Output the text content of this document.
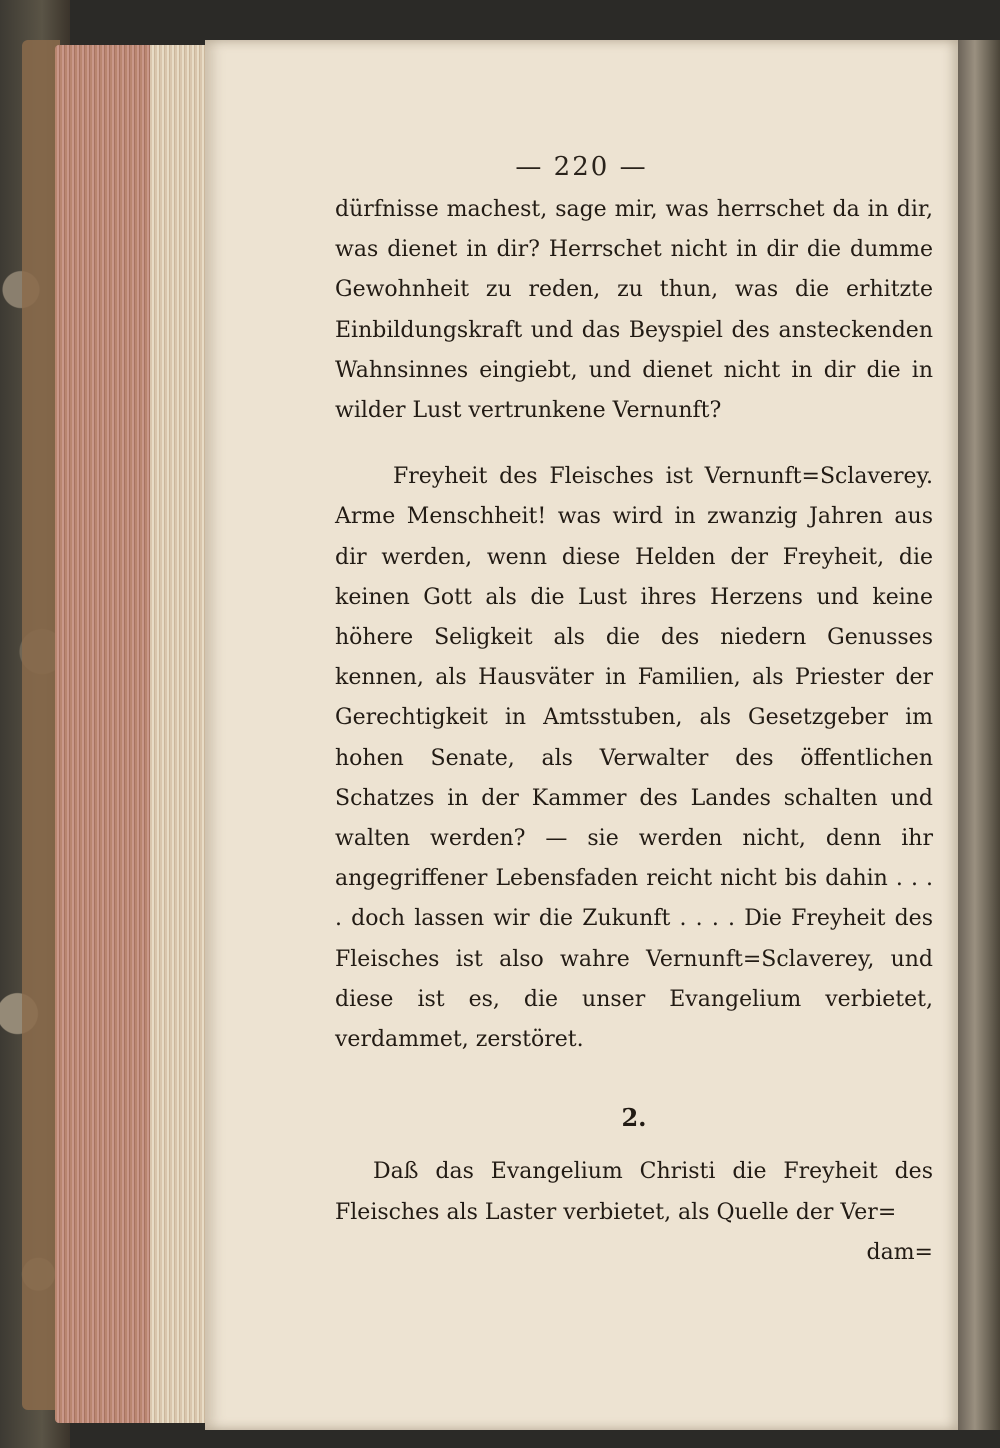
— 220 —

dürfnisse machest, sage mir, was herrschet da in dir, was dienet in dir? Herrschet nicht in dir die dumme Gewohnheit zu reden, zu thun, was die erhitzte Einbildungskraft und das Beyspiel des ansteckenden Wahnsinnes eingiebt, und dienet nicht in dir die in wilder Lust vertrunkene Vernunft?

Freyheit des Fleisches ist Vernunft=Sclaverey. Arme Menschheit! was wird in zwanzig Jahren aus dir werden, wenn diese Helden der Freyheit, die keinen Gott als die Lust ihres Herzens und keine höhere Seligkeit als die des niedern Genusses kennen, als Hausväter in Familien, als Priester der Gerechtigkeit in Amtsstuben, als Gesetzgeber im hohen Senate, als Verwalter des öffentlichen Schatzes in der Kammer des Landes schalten und walten werden? — sie werden nicht, denn ihr angegriffener Lebensfaden reicht nicht bis dahin . . . . doch lassen wir die Zukunft . . . . Die Freyheit des Fleisches ist also wahre Vernunft=Sclaverey, und diese ist es, die unser Evangelium verbietet, verdammet, zerstöret.

2.

Daß das Evangelium Christi die Freyheit des Fleisches als Laster verbietet, als Quelle der Ver=

dam=
